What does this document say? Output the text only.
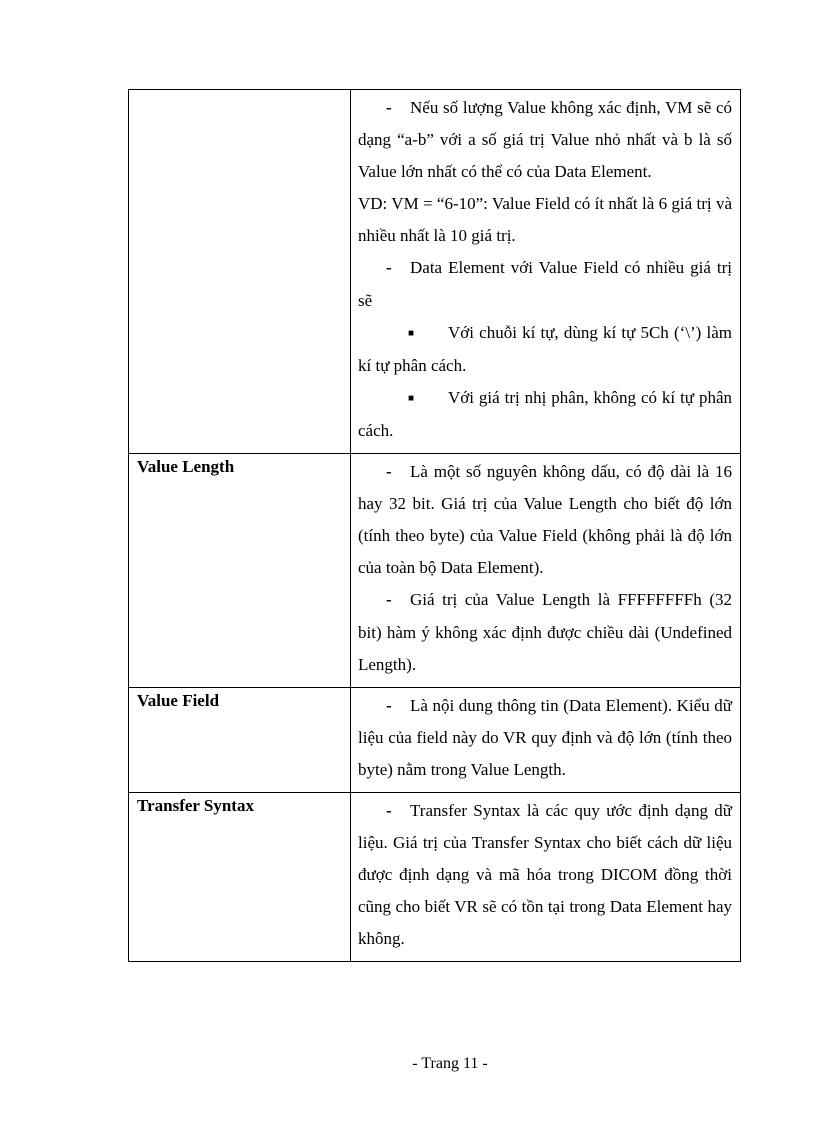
	- Nếu số lượng Value không xác định, VM sẽ có dạng “a-b” với a số giá trị Value nhỏ nhất và b là số Value lớn nhất có thể có của Data Element.

VD: VM = “6-10”: Value Field có ít nhất là 6 giá trị và nhiều nhất là 10 giá trị.

- Data Element với Value Field có nhiều giá trị sẽ

■ Với chuỗi kí tự, dùng kí tự 5Ch (‘\’) làm kí tự phân cách.

■ Với giá trị nhị phân, không có kí tự phân cách.

Value Length	- Là một số nguyên không dấu, có độ dài là 16 hay 32 bit. Giá trị của Value Length cho biết độ lớn (tính theo byte) của Value Field (không phải là độ lớn của toàn bộ Data Element).

- Giá trị của Value Length là FFFFFFFFh (32 bit) hàm ý không xác định được chiều dài (Undefined Length).

Value Field	- Là nội dung thông tin (Data Element). Kiểu dữ liệu của field này do VR quy định và độ lớn (tính theo byte) nằm trong Value Length.

Transfer Syntax	- Transfer Syntax là các quy ước định dạng dữ liệu. Giá trị của Transfer Syntax cho biết cách dữ liệu được định dạng và mã hóa trong DICOM đồng thời cũng cho biết VR sẽ có tồn tại trong Data Element hay không.

- Trang 11 -
